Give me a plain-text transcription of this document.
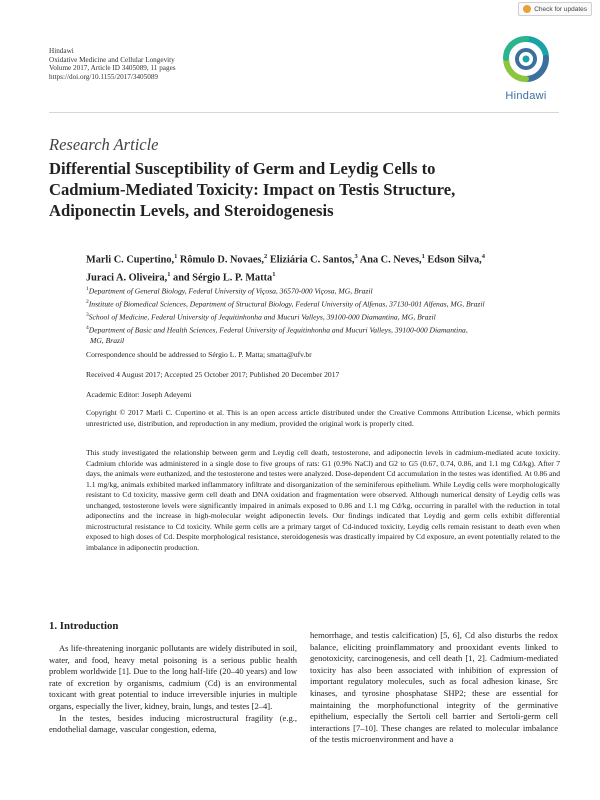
Check for updates
Hindawi
Oxidative Medicine and Cellular Longevity
Volume 2017, Article ID 3405089, 11 pages
https://doi.org/10.1155/2017/3405089
Hindawi
Research Article
Differential Susceptibility of Germ and Leydig Cells to
Cadmium-Mediated Toxicity: Impact on Testis Structure,
Adiponectin Levels, and Steroidogenesis
Marli C. Cupertino,$^1$ Rômulo D. Novaes,$^2$ Eliziária C. Santos,$^3$ Ana C. Neves,$^1$ Edson Silva,$^4$
Juraci A. Oliveira,$^1$ and Sérgio L. P. Matta$^1$
$^1$Department of General Biology, Federal University of Viçosa, 36570-000 Viçosa, MG, Brazil
$^2$Institute of Biomedical Sciences, Department of Structural Biology, Federal University of Alfenas, 37130-001 Alfenas, MG, Brazil
$^3$School of Medicine, Federal University of Jequitinhonha and Mucuri Valleys, 39100-000 Diamantina, MG, Brazil
$^4$Department of Basic and Health Sciences, Federal University of Jequitinhonha and Mucuri Valleys, 39100-000 Diamantina,
MG, Brazil
Correspondence should be addressed to Sérgio L. P. Matta; smatta@ufv.br
Received 4 August 2017; Accepted 25 October 2017; Published 20 December 2017
Academic Editor: Joseph Adeyemi
Copyright © 2017 Marli C. Cupertino et al. This is an open access article distributed under the Creative Commons Attribution License, which permits unrestricted use, distribution, and reproduction in any medium, provided the original work is properly cited.
This study investigated the relationship between germ and Leydig cell death, testosterone, and adiponectin levels in cadmium-mediated acute toxicity. Cadmium chloride was administered in a single dose to five groups of rats: G1 (0.9% NaCl) and G2 to G5 (0.67, 0.74, 0.86, and 1.1 mg Cd/kg). After 7 days, the animals were euthanized, and the testosterone and testes were analyzed. Dose-dependent Cd accumulation in the testes was identified. At 0.86 and 1.1 mg/kg, animals exhibited marked inflammatory infiltrate and disorganization of the seminiferous epithelium. While Leydig cells were morphologically resistant to Cd toxicity, massive germ cell death and DNA oxidation and fragmentation were observed. Although numerical density of Leydig cells was unchanged, testosterone levels were significantly impaired in animals exposed to 0.86 and 1.1 mg Cd/kg, occurring in parallel with the reduction in total adiponectins and the increase in high-molecular weight adiponectin levels. Our findings indicated that Leydig and germ cells exhibit differential microstructural resistance to Cd toxicity. While germ cells are a primary target of Cd-induced toxicity, Leydig cells remain resistant to death even when exposed to high doses of Cd. Despite morphological resistance, steroidogenesis was drastically impaired by Cd exposure, an event potentially related to the imbalance in adiponectin production.
1. Introduction

As life-threatening inorganic pollutants are widely distributed in soil, water, and food, heavy metal poisoning is a serious public health problem worldwide [1]. Due to the long half-life (20–40 years) and low rate of excretion by organisms, cadmium (Cd) is an environmental toxicant with great potential to induce irreversible injuries in multiple organs, especially the liver, kidney, brain, lungs, and testes [2–4].

In the testes, besides inducing microstructural fragility (e.g., endothelial damage, vascular congestion, edema,

hemorrhage, and testis calcification) [5, 6], Cd also disturbs the redox balance, eliciting proinflammatory and prooxidant events linked to genotoxicity, carcinogenesis, and cell death [1, 2]. Cadmium-mediated toxicity has also been associated with inhibition of expression of important regulatory molecules, such as focal adhesion kinase, Src kinases, and tyrosine phosphatase SHP2; these are essential for maintaining the morphofunctional integrity of the germinative epithelium, especially the Sertoli cell barrier and Sertoli-germ cell interactions [7–10]. These changes are related to molecular imbalance of the testis microenvironment and have a
